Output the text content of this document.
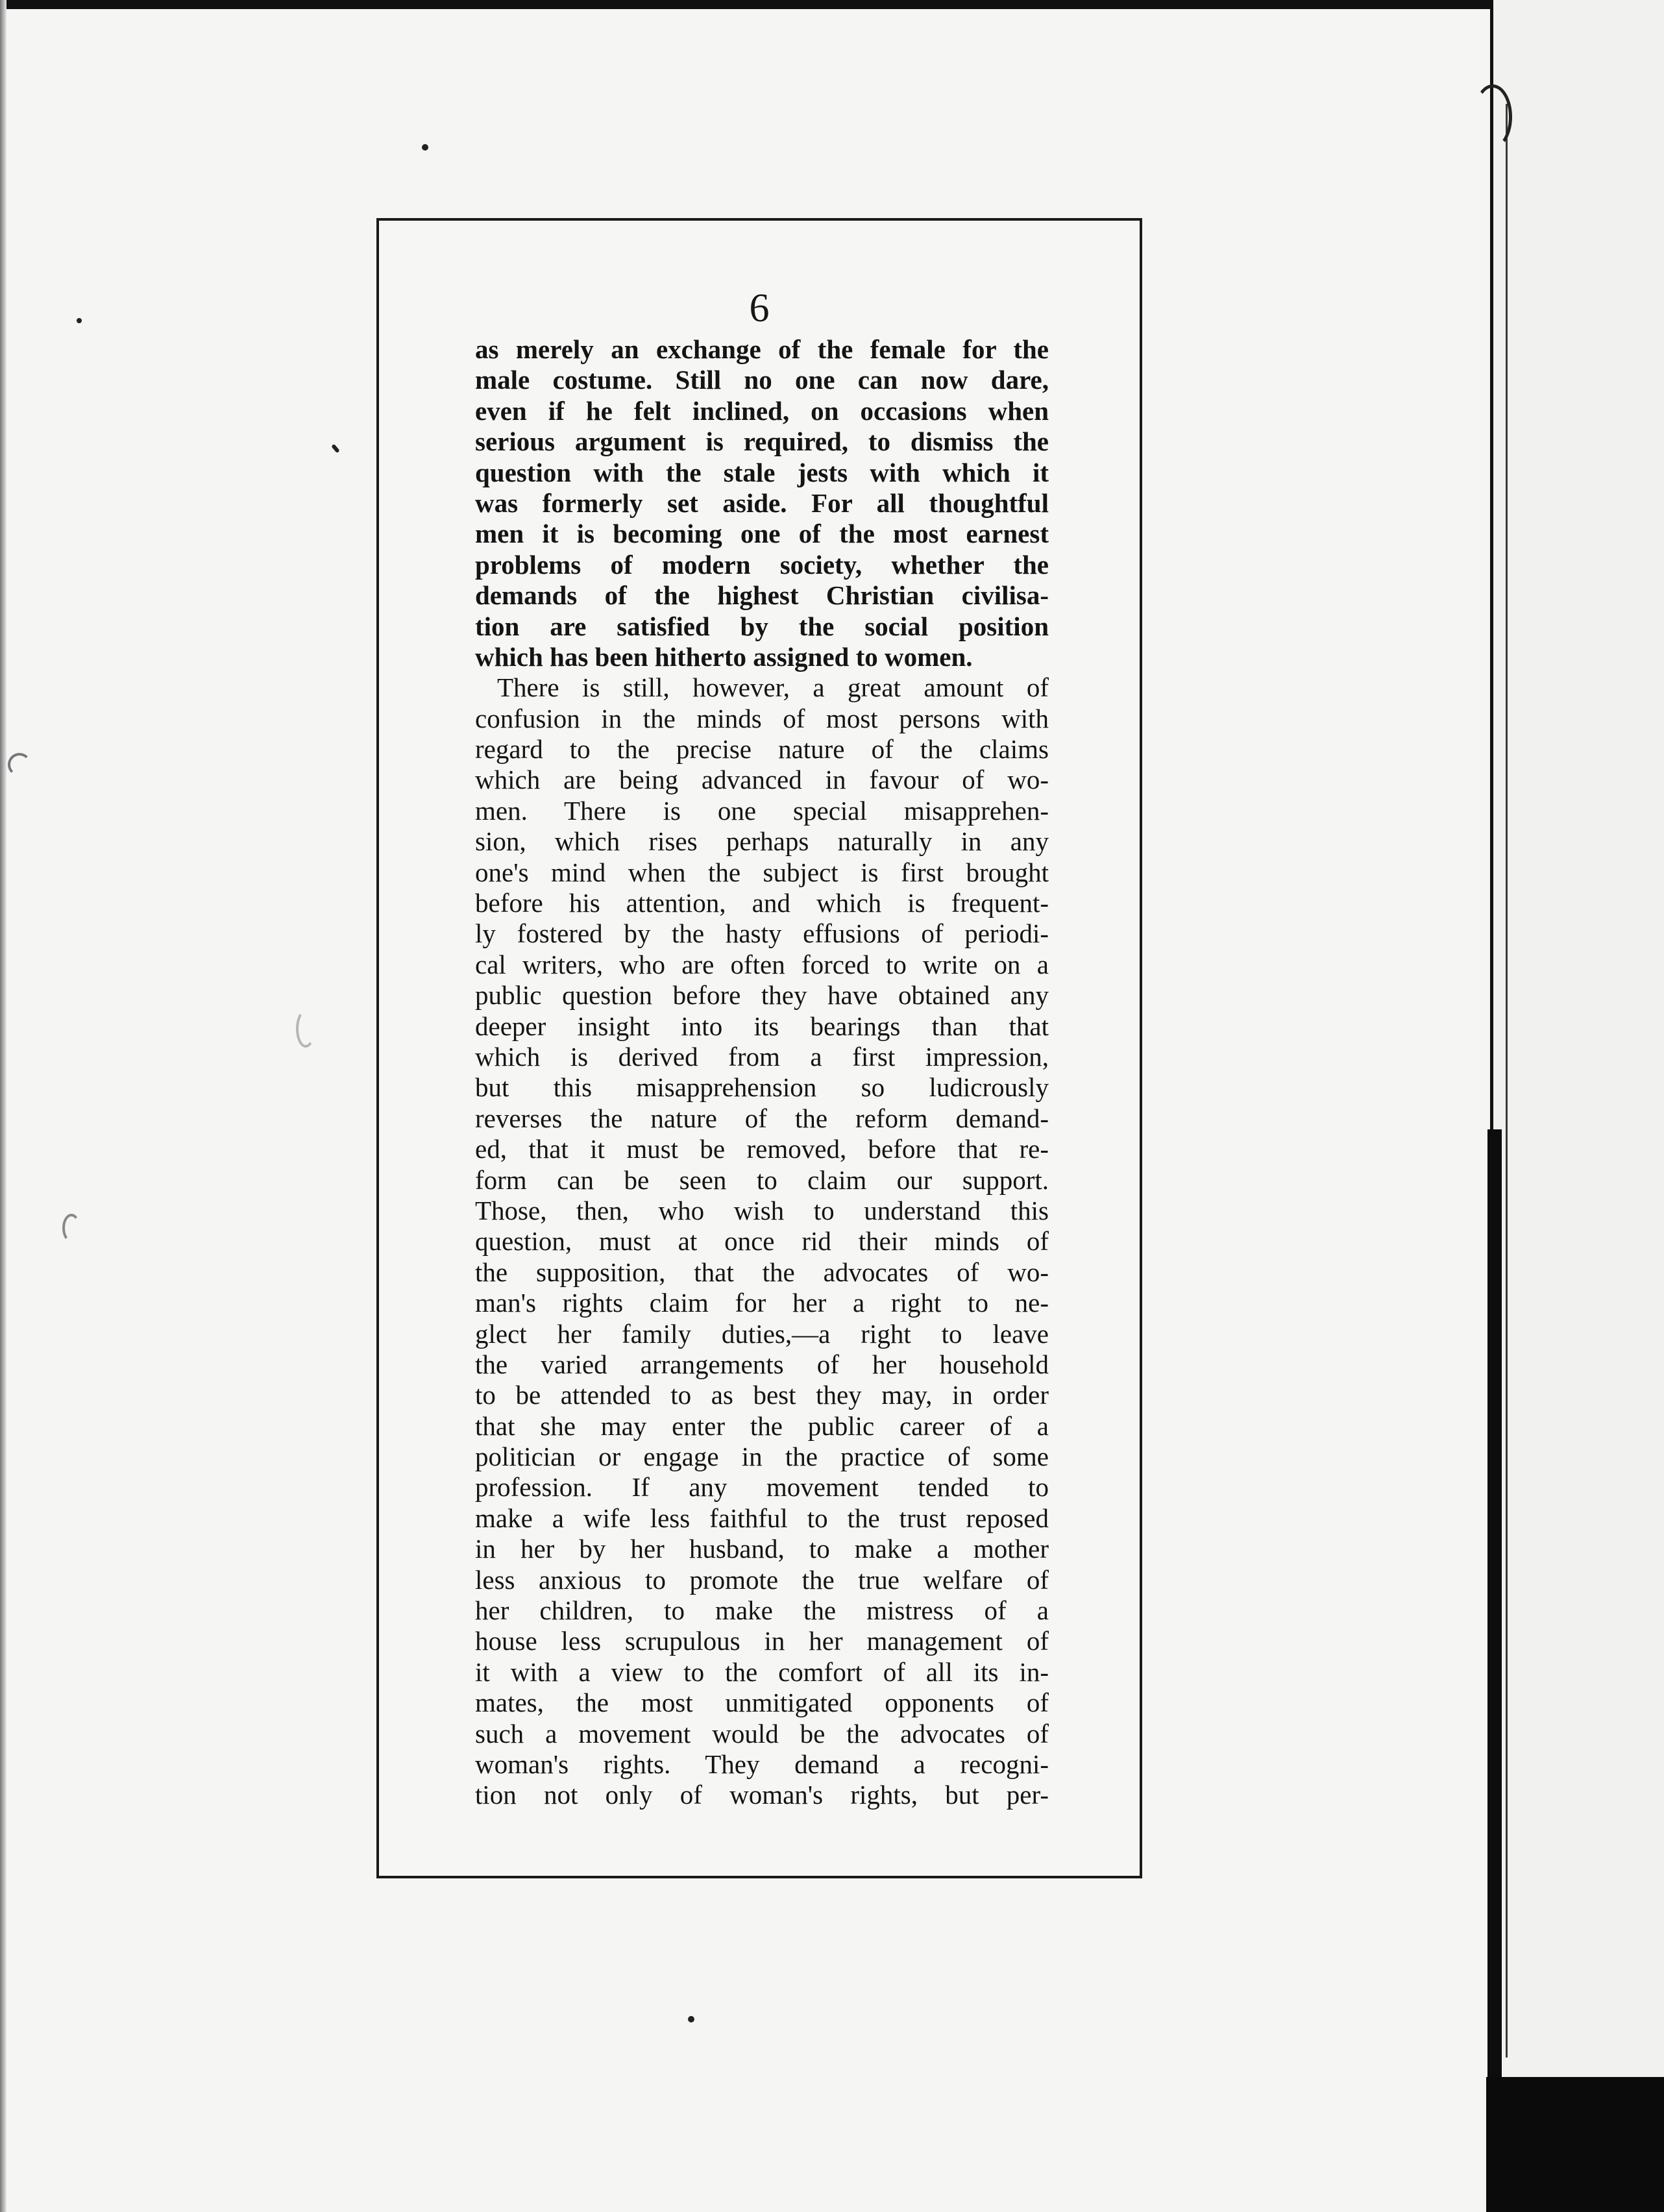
6
as merely an exchange of the female for the
male costume. Still no one can now dare,
even if he felt inclined, on occasions when
serious argument is required, to dismiss the
question with the stale jests with which it
was formerly set aside. For all thoughtful
men it is becoming one of the most earnest
problems of modern society, whether the
demands of the highest Christian civilisa-
tion are satisfied by the social position
which has been hitherto assigned to women.
There is still, however, a great amount of
confusion in the minds of most persons with
regard to the precise nature of the claims
which are being advanced in favour of wo-
men. There is one special misapprehen-
sion, which rises perhaps naturally in any
one's mind when the subject is first brought
before his attention, and which is frequent-
ly fostered by the hasty effusions of periodi-
cal writers, who are often forced to write on a
public question before they have obtained any
deeper insight into its bearings than that
which is derived from a first impression,
but this misapprehension so ludicrously
reverses the nature of the reform demand-
ed, that it must be removed, before that re-
form can be seen to claim our support.
Those, then, who wish to understand this
question, must at once rid their minds of
the supposition, that the advocates of wo-
man's rights claim for her a right to ne-
glect her family duties,—a right to leave
the varied arrangements of her household
to be attended to as best they may, in order
that she may enter the public career of a
politician or engage in the practice of some
profession. If any movement tended to
make a wife less faithful to the trust reposed
in her by her husband, to make a mother
less anxious to promote the true welfare of
her children, to make the mistress of a
house less scrupulous in her management of
it with a view to the comfort of all its in-
mates, the most unmitigated opponents of
such a movement would be the advocates of
woman's rights. They demand a recogni-
tion not only of woman's rights, but per-
